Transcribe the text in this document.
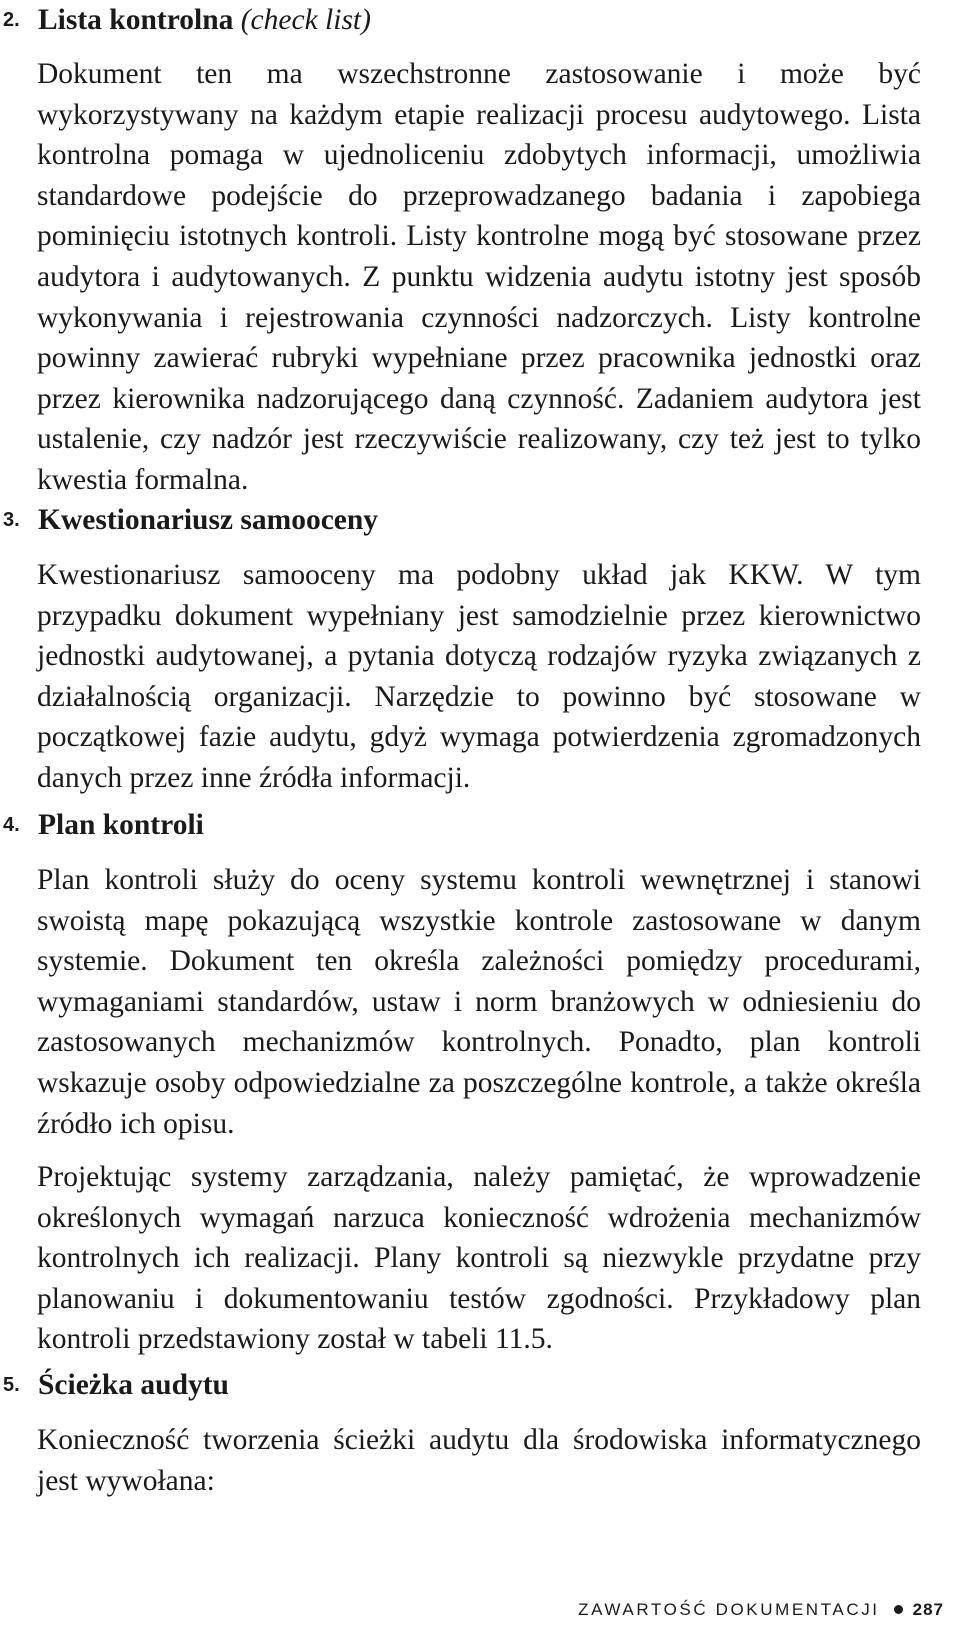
2. Lista kontrolna (check list)

Dokument ten ma wszechstronne zastosowanie i może być wykorzystywany na każdym etapie realizacji procesu audytowego. Lista kontrolna pomaga w ujednoliceniu zdobytych informacji, umożliwia standardowe podejście do przeprowadzanego badania i zapobiega pominięciu istotnych kontroli. Listy kontrolne mogą być stosowane przez audytora i audytowanych. Z punktu widzenia audytu istotny jest sposób wykonywania i rejestrowania czynności nadzorczych. Listy kontrolne powinny zawierać rubryki wypełniane przez pracownika jednostki oraz przez kierownika nadzorującego daną czynność. Zadaniem audytora jest ustalenie, czy nadzór jest rzeczywiście realizowany, czy też jest to tylko kwestia formalna.

3. Kwestionariusz samooceny

Kwestionariusz samooceny ma podobny układ jak KKW. W tym przypadku dokument wypełniany jest samodzielnie przez kierownictwo jednostki audytowanej, a pytania dotyczą rodzajów ryzyka związanych z działalnością organizacji. Narzędzie to powinno być stosowane w początkowej fazie audytu, gdyż wymaga potwierdzenia zgromadzonych danych przez inne źródła informacji.

4. Plan kontroli

Plan kontroli służy do oceny systemu kontroli wewnętrznej i stanowi swoistą mapę pokazującą wszystkie kontrole zastosowane w danym systemie. Dokument ten określa zależności pomiędzy procedurami, wymaganiami standardów, ustaw i norm branżowych w odniesieniu do zastosowanych mechanizmów kontrolnych. Ponadto, plan kontroli wskazuje osoby odpowiedzialne za poszczególne kontrole, a także określa źródło ich opisu.

Projektując systemy zarządzania, należy pamiętać, że wprowadzenie określonych wymagań narzuca konieczność wdrożenia mechanizmów kontrolnych ich realizacji. Plany kontroli są niezwykle przydatne przy planowaniu i dokumentowaniu testów zgodności. Przykładowy plan kontroli przedstawiony został w tabeli 11.5.

5. Ścieżka audytu

Konieczność tworzenia ścieżki audytu dla środowiska informatycznego jest wywołana:

ZAWARTOŚĆ DOKUMENTACJI 287
